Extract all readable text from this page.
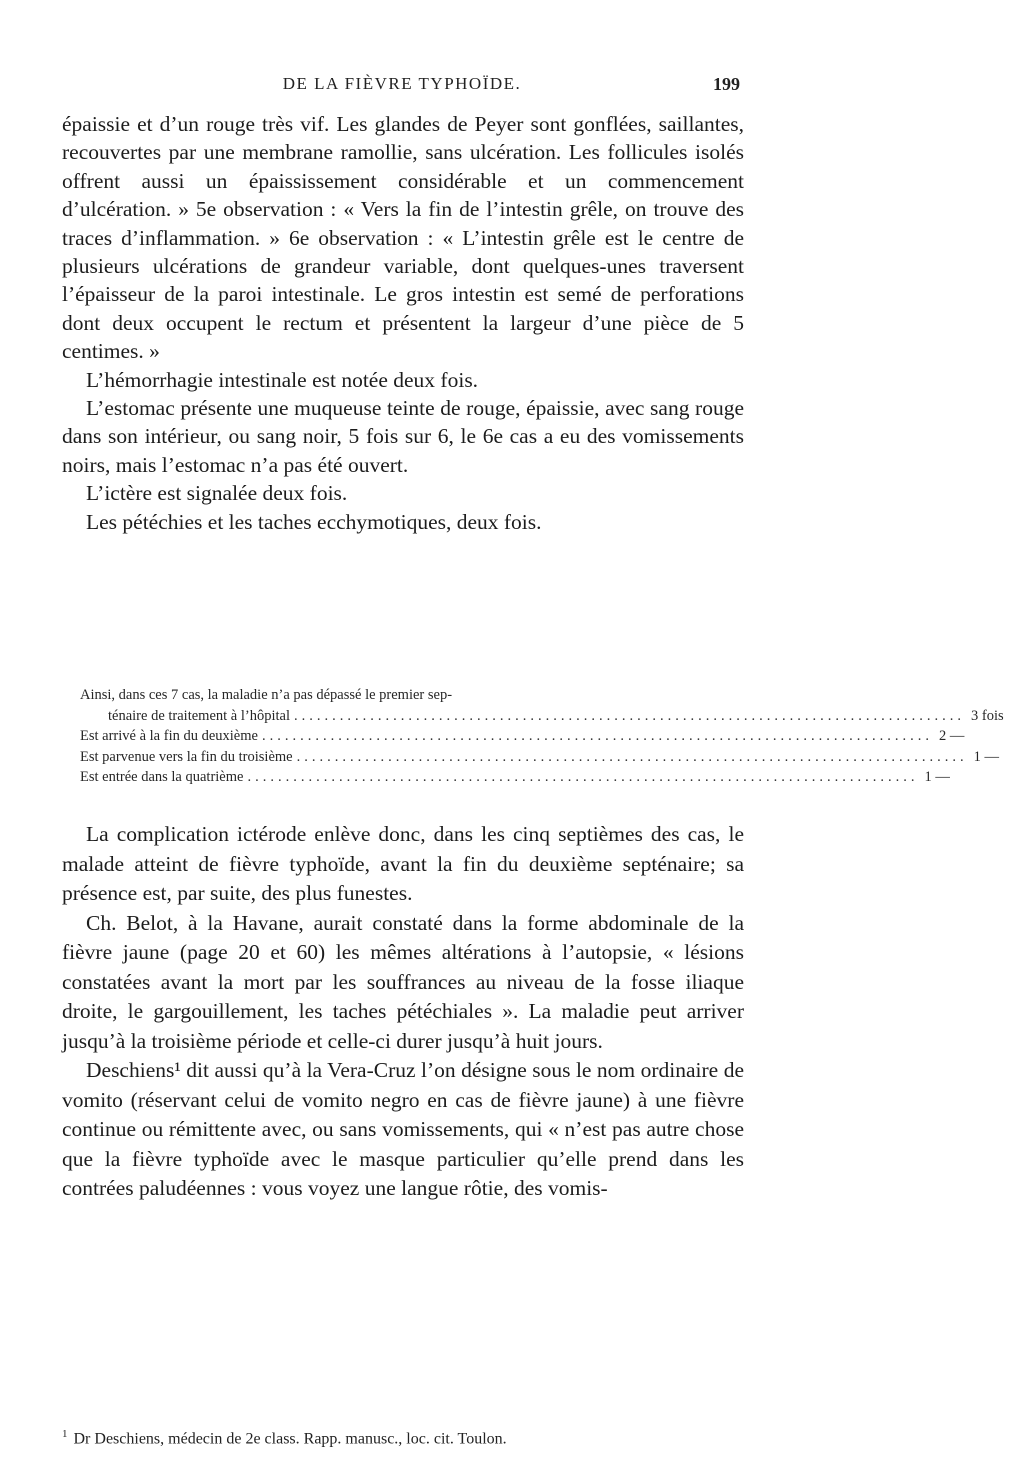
DE LA FIÈVRE TYPHOÏDE.	199

épaissie et d’un rouge très vif. Les glandes de Peyer sont gonflées, saillantes, recouvertes par une membrane ramollie, sans ulcération. Les follicules isolés offrent aussi un épaississement considérable et un commencement d’ulcération. » 5e observation : « Vers la fin de l’intestin grêle, on trouve des traces d’inflammation. » 6e observation : « L’intestin grêle est le centre de plusieurs ulcérations de grandeur variable, dont quelques-unes traversent l’épaisseur de la paroi intestinale. Le gros intestin est semé de perforations dont deux occupent le rectum et présentent la largeur d’une pièce de 5 centimes. »

L’hémorrhagie intestinale est notée deux fois.

L’estomac présente une muqueuse teinte de rouge, épaissie, avec sang rouge dans son intérieur, ou sang noir, 5 fois sur 6, le 6e cas a eu des vomissements noirs, mais l’estomac n’a pas été ouvert.

L’ictère est signalée deux fois.

Les pétéchies et les taches ecchymotiques, deux fois.

Ainsi, dans ces 7 cas, la maladie n’a pas dépassé le premier sep-
ténaire de traitement à l’hôpital ........................................................................................ 3 fois
Est arrivé à la fin du deuxième ........................................................................................ 2 —
Est parvenue vers la fin du troisième ........................................................................................ 1 —
Est entrée dans la quatrième ........................................................................................ 1 —

La complication ictérode enlève donc, dans les cinq septièmes des cas, le malade atteint de fièvre typhoïde, avant la fin du deuxième septénaire; sa présence est, par suite, des plus funestes.

Ch. Belot, à la Havane, aurait constaté dans la forme abdominale de la fièvre jaune (page 20 et 60) les mêmes altérations à l’autopsie, « lésions constatées avant la mort par les souffrances au niveau de la fosse iliaque droite, le gargouillement, les taches pétéchiales ». La maladie peut arriver jusqu’à la troisième période et celle-ci durer jusqu’à huit jours.

Deschiens¹ dit aussi qu’à la Vera-Cruz l’on désigne sous le nom ordinaire de vomito (réservant celui de vomito negro en cas de fièvre jaune) à une fièvre continue ou rémittente avec, ou sans vomissements, qui « n’est pas autre chose que la fièvre typhoïde avec le masque particulier qu’elle prend dans les contrées paludéennes : vous voyez une langue rôtie, des vomis-

$^1$ Dr Deschiens, médecin de 2e class. Rapp. manusc., loc. cit. Toulon.
